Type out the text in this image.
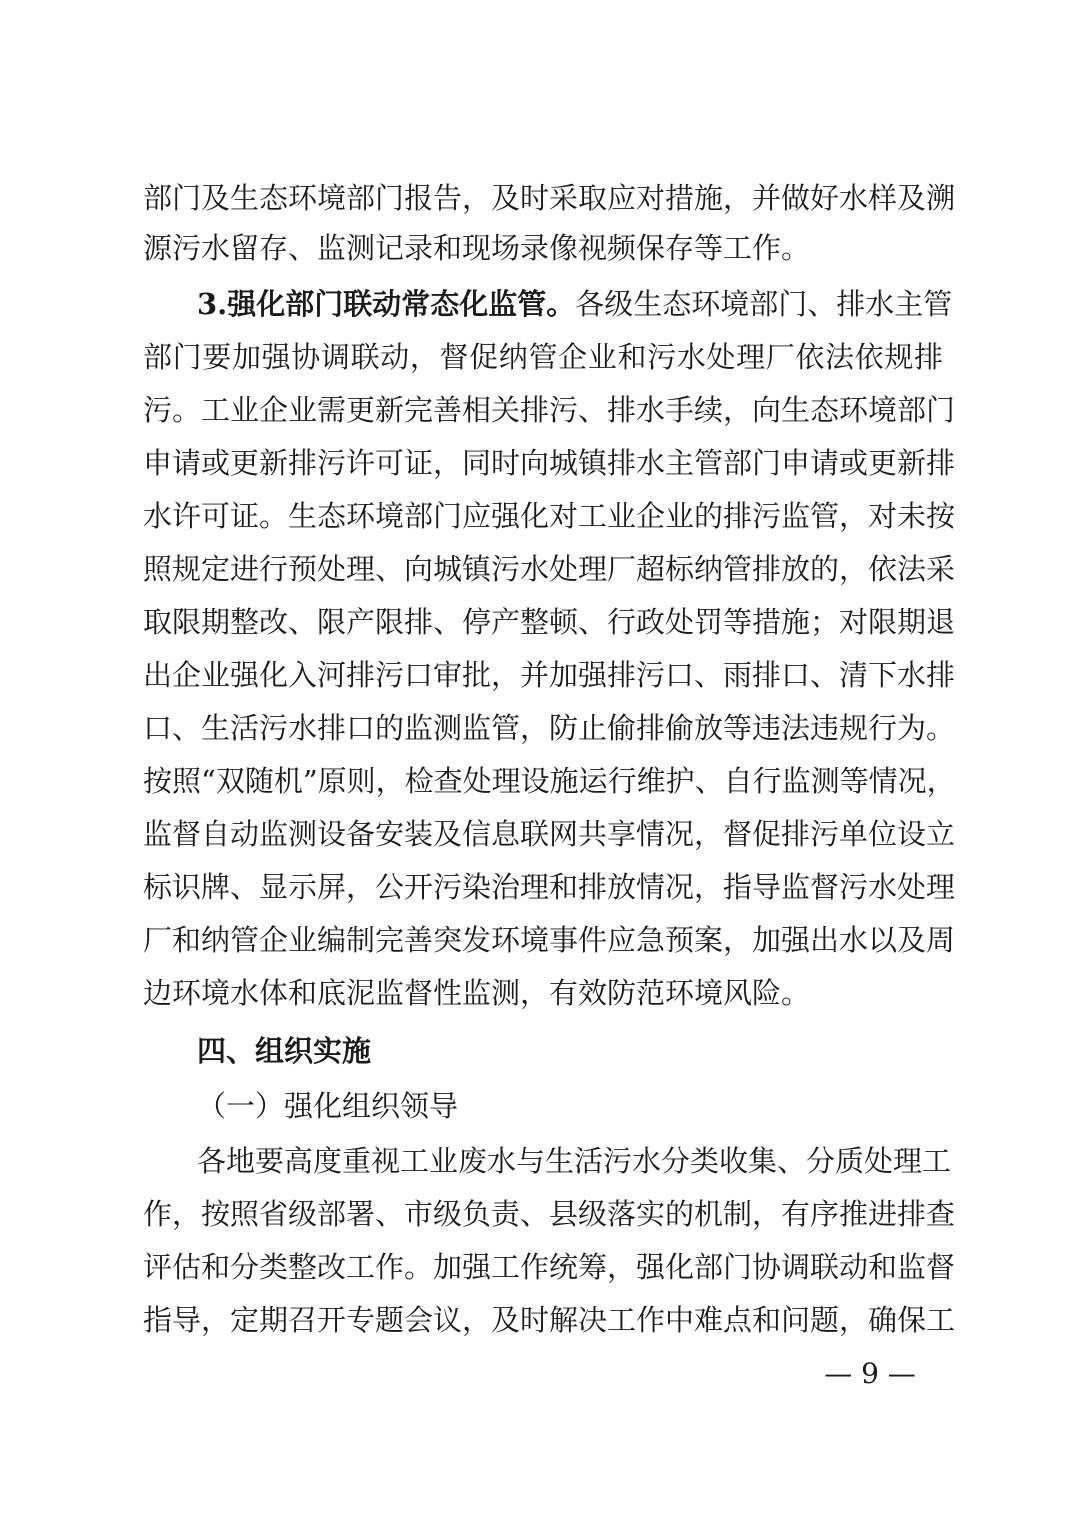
部门及生态环境部门报告，及时采取应对措施，并做好水样及溯
源污水留存、监测记录和现场录像视频保存等工作。
3.强化部门联动常态化监管。各级生态环境部门、排水主管
部门要加强协调联动，督促纳管企业和污水处理厂依法依规排
污。工业企业需更新完善相关排污、排水手续，向生态环境部门
申请或更新排污许可证，同时向城镇排水主管部门申请或更新排
水许可证。生态环境部门应强化对工业企业的排污监管，对未按
照规定进行预处理、向城镇污水处理厂超标纳管排放的，依法采
取限期整改、限产限排、停产整顿、行政处罚等措施；对限期退
出企业强化入河排污口审批，并加强排污口、雨排口、清下水排
口、生活污水排口的监测监管，防止偷排偷放等违法违规行为。
按照“双随机”原则，检查处理设施运行维护、自行监测等情况，
监督自动监测设备安装及信息联网共享情况，督促排污单位设立
标识牌、显示屏，公开污染治理和排放情况，指导监督污水处理
厂和纳管企业编制完善突发环境事件应急预案，加强出水以及周
边环境水体和底泥监督性监测，有效防范环境风险。
四、组织实施
（一）强化组织领导
各地要高度重视工业废水与生活污水分类收集、分质处理工
作，按照省级部署、市级负责、县级落实的机制，有序推进排查
评估和分类整改工作。加强工作统筹，强化部门协调联动和监督
指导，定期召开专题会议，及时解决工作中难点和问题，确保工
— 9 —
